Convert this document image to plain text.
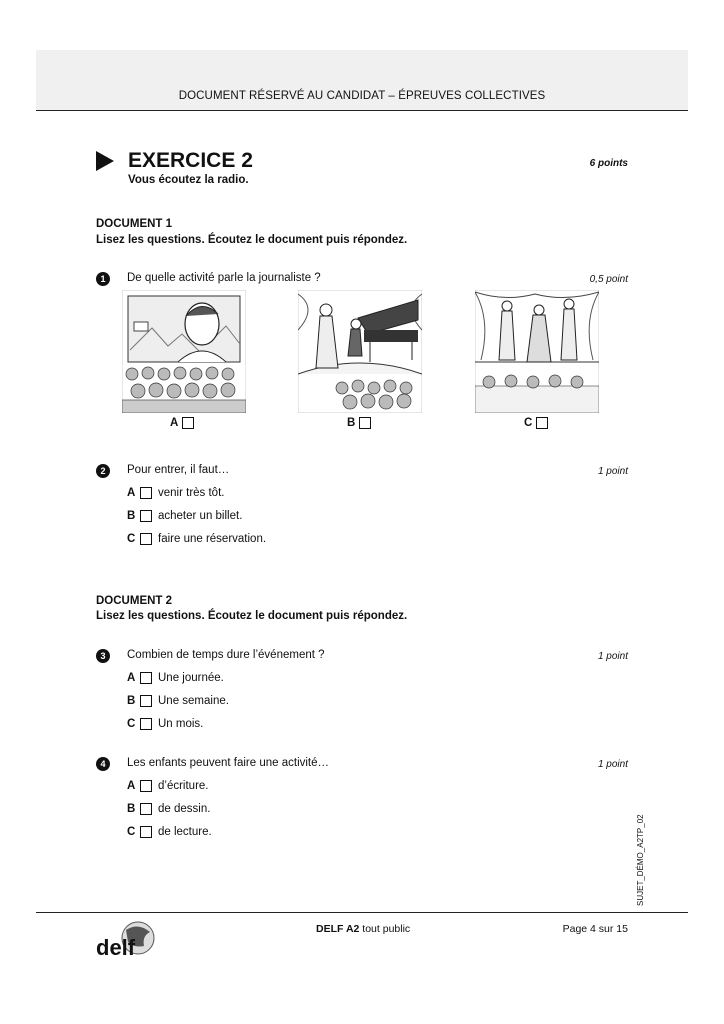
DOCUMENT RÉSERVÉ AU CANDIDAT – ÉPREUVES COLLECTIVES
EXERCICE 2	6 points
Vous écoutez la radio.
DOCUMENT 1
Lisez les questions. Écoutez le document puis répondez.
1	De quelle activité parle la journaliste ?	0,5 point
A	B	C
2	Pour entrer, il faut…	1 point
A venir très tôt.
B acheter un billet.
C faire une réservation.
DOCUMENT 2
Lisez les questions. Écoutez le document puis répondez.
3	Combien de temps dure l’événement ?	1 point
A Une journée.
B Une semaine.
C Un mois.
4	Les enfants peuvent faire une activité…	1 point
A d’écriture.
B de dessin.
C de lecture.	SUJET_DÉMO_A2TP_02
delf
DELF A2 tout public	Page 4 sur 15
